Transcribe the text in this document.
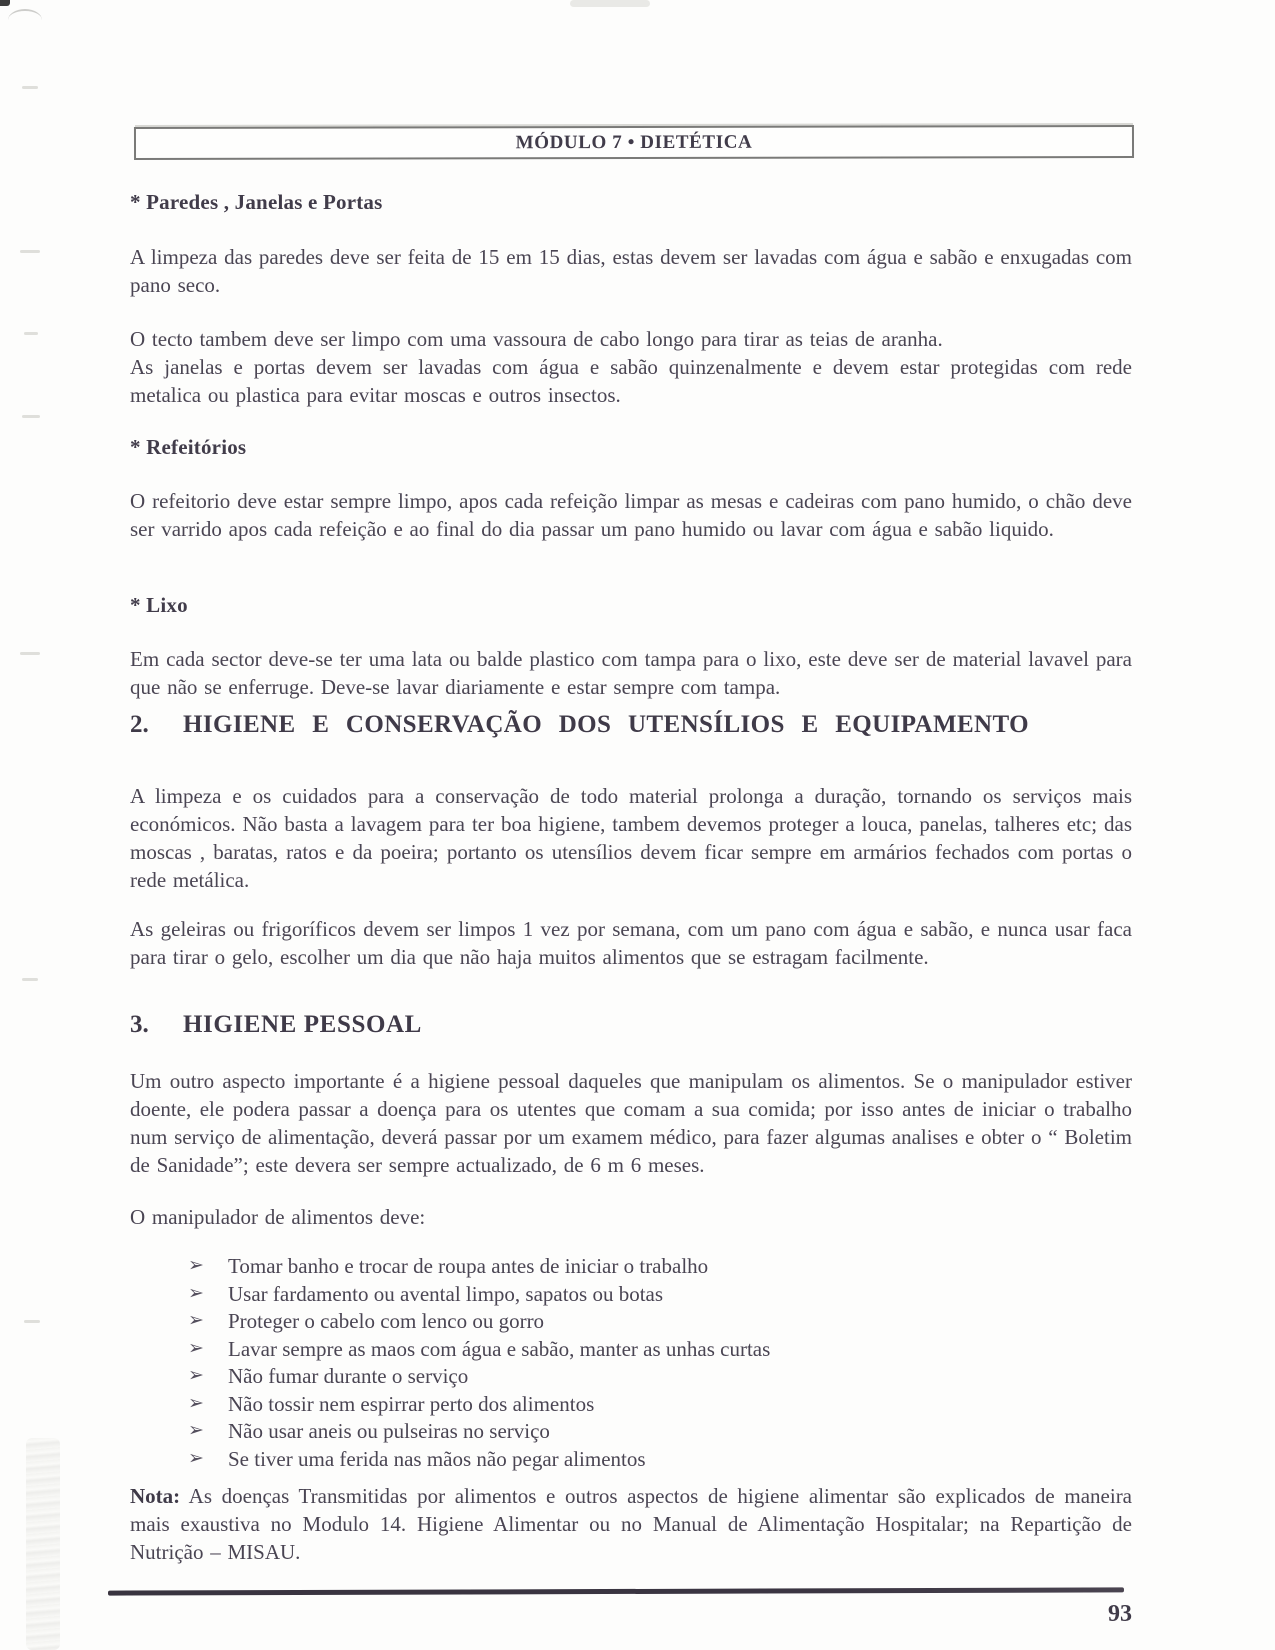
MÓDULO 7 • DIETÉTICA
* Paredes , Janelas e Portas
A limpeza das paredes deve ser feita de 15 em 15 dias, estas devem ser lavadas com água e sabão e enxugadas com pano seco.
O tecto tambem deve ser limpo com uma vassoura de cabo longo para tirar as teias de aranha.
As janelas e portas devem ser lavadas com água e sabão quinzenalmente e devem estar protegidas com rede metalica ou plastica para evitar moscas e outros insectos.
* Refeitórios
O refeitorio deve estar sempre limpo, apos cada refeição limpar as mesas e cadeiras com pano humido, o chão deve ser varrido apos cada refeição e ao final do dia passar um pano humido ou lavar com água e sabão liquido.
* Lixo
Em cada sector deve-se ter uma lata ou balde plastico com tampa para o lixo, este deve ser de material lavavel para que não se enferruge. Deve-se lavar diariamente e estar sempre com tampa.
2.	HIGIENE E CONSERVAÇÃO DOS UTENSÍLIOS E EQUIPAMENTO
A limpeza e os cuidados para a conservação de todo material prolonga a duração, tornando os serviços mais económicos. Não basta a lavagem para ter boa higiene, tambem devemos proteger a louca, panelas, talheres etc; das moscas , baratas, ratos e da poeira; portanto os utensílios devem ficar sempre em armários fechados com portas o rede metálica.
As geleiras ou frigoríficos devem ser limpos 1 vez por semana, com um pano com água e sabão, e nunca usar faca para tirar o gelo, escolher um dia que não haja muitos alimentos que se estragam facilmente.
3.	HIGIENE PESSOAL
Um outro aspecto importante é a higiene pessoal daqueles que manipulam os alimentos. Se o manipulador estiver doente, ele podera passar a doença para os utentes que comam a sua comida; por isso antes de iniciar o trabalho num serviço de alimentação, deverá passar por um examem médico, para fazer algumas analises e obter o “ Boletim de Sanidade”; este devera ser sempre actualizado, de 6 m 6 meses.
O manipulador de alimentos deve:
➢	Tomar banho e trocar de roupa antes de iniciar o trabalho
➢	Usar fardamento ou avental limpo, sapatos ou botas
➢	Proteger o cabelo com lenco ou gorro
➢	Lavar sempre as maos com água e sabão, manter as unhas curtas
➢	Não fumar durante o serviço
➢	Não tossir nem espirrar perto dos alimentos
➢	Não usar aneis ou pulseiras no serviço
➢	Se tiver uma ferida nas mãos não pegar alimentos
Nota: As doenças Transmitidas por alimentos e outros aspectos de higiene alimentar são explicados de maneira mais exaustiva no Modulo 14. Higiene Alimentar ou no Manual de Alimentação Hospitalar; na Repartição de Nutrição – MISAU.
93
